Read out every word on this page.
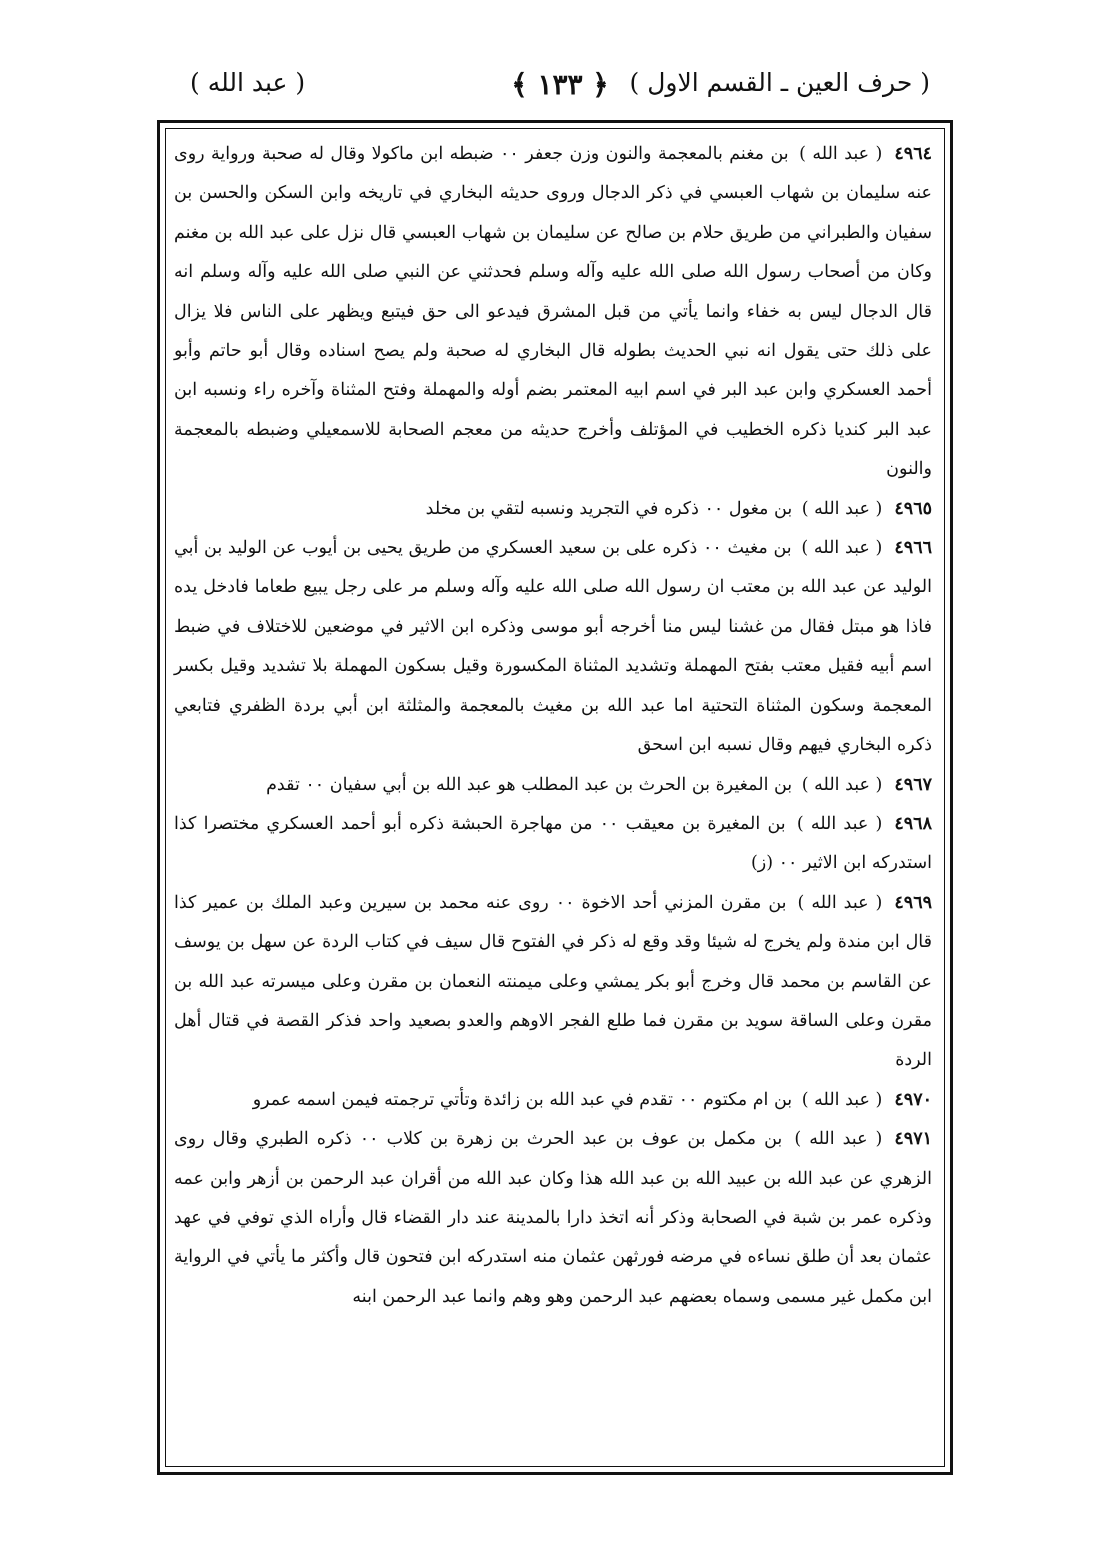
( حرف العين ـ القسم الاول )
﴿ ١٣٣ ﴾
( عبد الله )

٤٩٦٤( عبد الله ) بن مغنم بالمعجمة والنون وزن جعفر ٠٠ ضبطه ابن ماكولا وقال له صحبة ورواية روى عنه سليمان بن شهاب العبسي في ذكر الدجال وروى حديثه البخاري في تاريخه وابن السكن والحسن بن سفيان والطبراني من طريق حلام بن صالح عن سليمان بن شهاب العبسي قال نزل على عبد الله بن مغنم وكان من أصحاب رسول الله صلى الله عليه وآله وسلم فحدثني عن النبي صلى الله عليه وآله وسلم انه قال الدجال ليس به خفاء وانما يأتي من قبل المشرق فيدعو الى حق فيتبع ويظهر على الناس فلا يزال على ذلك حتى يقول انه نبي الحديث بطوله قال البخاري له صحبة ولم يصح اسناده وقال أبو حاتم وأبو أحمد العسكري وابن عبد البر في اسم ابيه المعتمر بضم أوله والمهملة وفتح المثناة وآخره راء ونسبه ابن عبد البر كنديا ذكره الخطيب في المؤتلف وأخرج حديثه من معجم الصحابة للاسمعيلي وضبطه بالمعجمة والنون

٤٩٦٥( عبد الله ) بن مغول ٠٠ ذكره في التجريد ونسبه لتقي بن مخلد

٤٩٦٦( عبد الله ) بن مغيث ٠٠ ذكره على بن سعيد العسكري من طريق يحيى بن أيوب عن الوليد بن أبي الوليد عن عبد الله بن معتب ان رسول الله صلى الله عليه وآله وسلم مر على رجل يبيع طعاما فادخل يده فاذا هو مبتل فقال من غشنا ليس منا أخرجه أبو موسى وذكره ابن الاثير في موضعين للاختلاف في ضبط اسم أبيه فقيل معتب بفتح المهملة وتشديد المثناة المكسورة وقيل بسكون المهملة بلا تشديد وقيل بكسر المعجمة وسكون المثناة التحتية اما عبد الله بن مغيث بالمعجمة والمثلثة ابن أبي بردة الظفري فتابعي ذكره البخاري فيهم وقال نسبه ابن اسحق

٤٩٦٧( عبد الله ) بن المغيرة بن الحرث بن عبد المطلب هو عبد الله بن أبي سفيان ٠٠ تقدم

٤٩٦٨( عبد الله ) بن المغيرة بن معيقب ٠٠ من مهاجرة الحبشة ذكره أبو أحمد العسكري مختصرا كذا استدركه ابن الاثير ٠٠ (ز)

٤٩٦٩( عبد الله ) بن مقرن المزني أحد الاخوة ٠٠ روى عنه محمد بن سيرين وعبد الملك بن عمير كذا قال ابن مندة ولم يخرج له شيئا وقد وقع له ذكر في الفتوح قال سيف في كتاب الردة عن سهل بن يوسف عن القاسم بن محمد قال وخرج أبو بكر يمشي وعلى ميمنته النعمان بن مقرن وعلى ميسرته عبد الله بن مقرن وعلى الساقة سويد بن مقرن فما طلع الفجر الاوهم والعدو بصعيد واحد فذكر القصة في قتال أهل الردة

٤٩٧٠( عبد الله ) بن ام مكتوم ٠٠ تقدم في عبد الله بن زائدة وتأتي ترجمته فيمن اسمه عمرو

٤٩٧١( عبد الله ) بن مكمل بن عوف بن عبد الحرث بن زهرة بن كلاب ٠٠ ذكره الطبري وقال روى الزهري عن عبد الله بن عبيد الله بن عبد الله هذا وكان عبد الله من أقران عبد الرحمن بن أزهر وابن عمه وذكره عمر بن شبة في الصحابة وذكر أنه اتخذ دارا بالمدينة عند دار القضاء قال وأراه الذي توفي في عهد عثمان بعد أن طلق نساءه في مرضه فورثهن عثمان منه استدركه ابن فتحون قال وأكثر ما يأتي في الرواية ابن مكمل غير مسمى وسماه بعضهم عبد الرحمن وهو وهم وانما عبد الرحمن ابنه
